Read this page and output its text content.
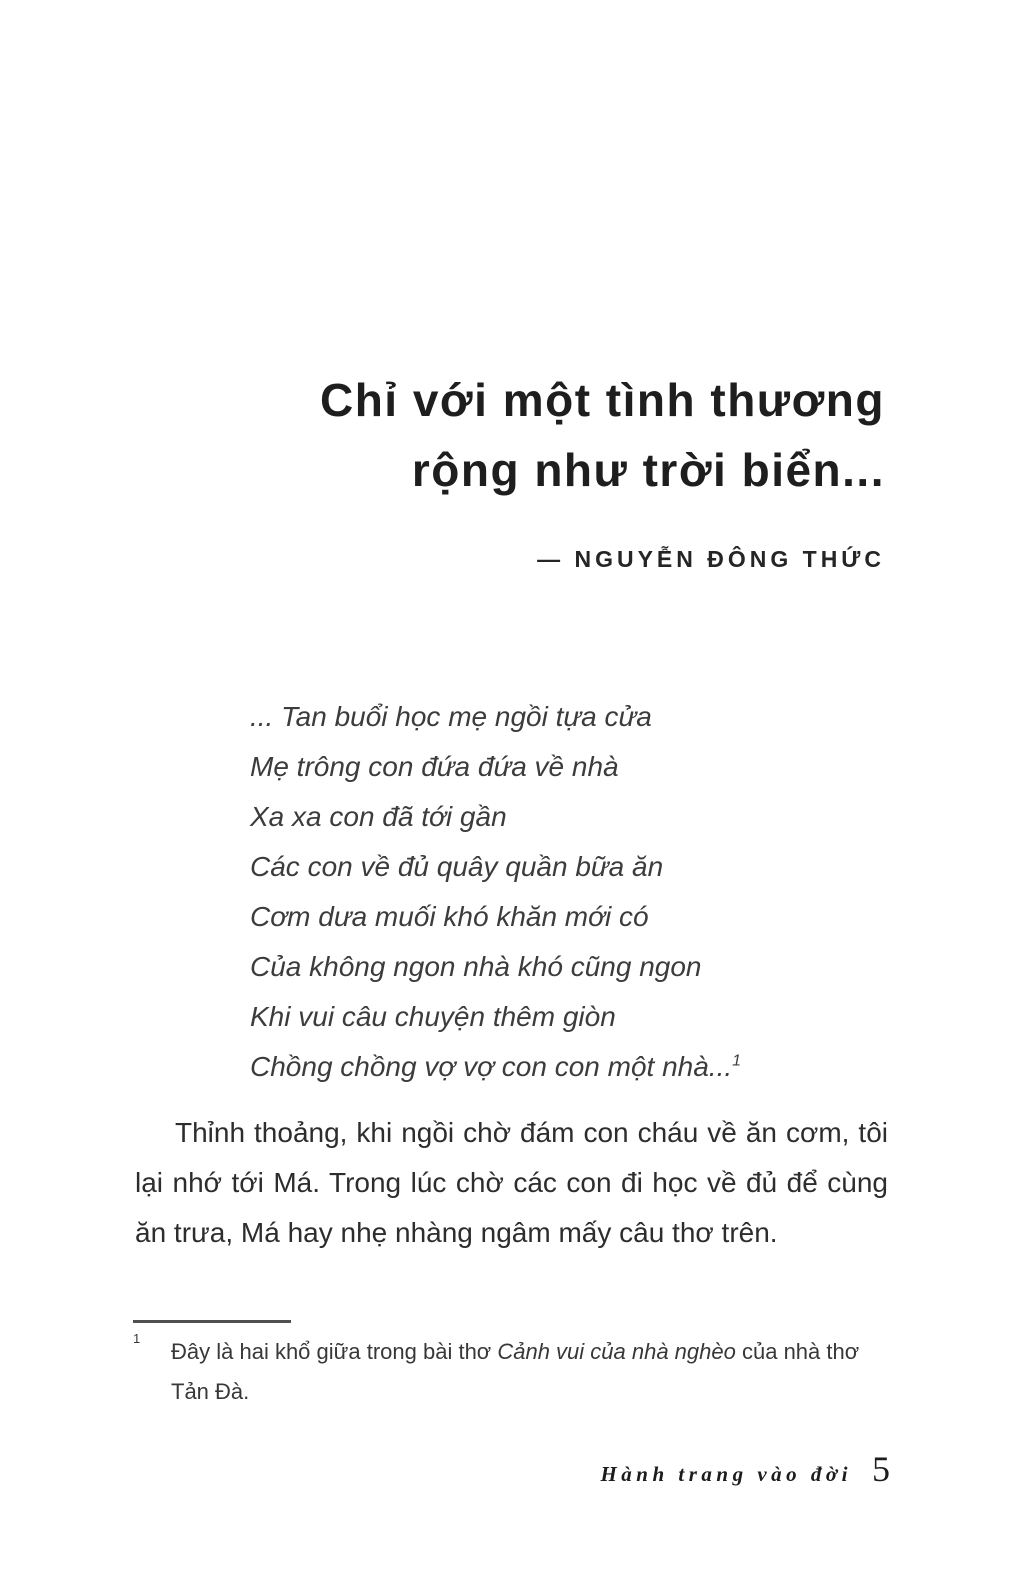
Chỉ với một tình thương
rộng như trời biển...
— NGUYỄN ĐÔNG THỨC
... Tan buổi học mẹ ngồi tựa cửa
Mẹ trông con đứa đứa về nhà
Xa xa con đã tới gần
Các con về đủ quây quần bữa ăn
Cơm dưa muối khó khăn mới có
Của không ngon nhà khó cũng ngon
Khi vui câu chuyện thêm giòn
Chồng chồng vợ vợ con con một nhà...$^1$

Thỉnh thoảng, khi ngồi chờ đám con cháu về ăn cơm, tôi lại nhớ tới Má. Trong lúc chờ các con đi học về đủ để cùng ăn trưa, Má hay nhẹ nhàng ngâm mấy câu thơ trên.

1
Đây là hai khổ giữa trong bài thơ Cảnh vui của nhà nghèo của nhà thơ Tản Đà.
Hành trang vào đời 5
